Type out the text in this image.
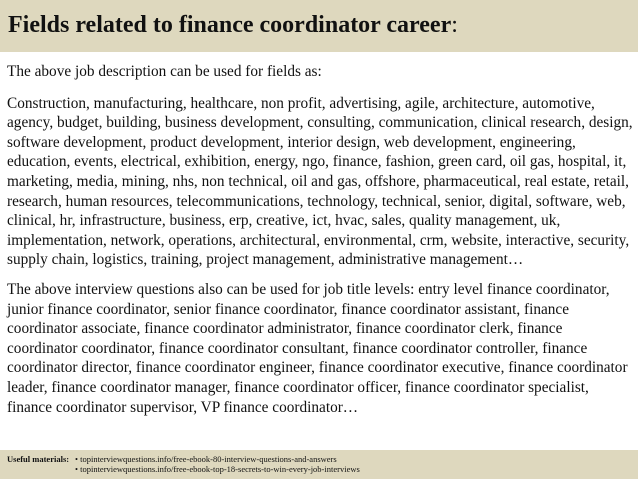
Fields related to finance coordinator career:

The above job description can be used for fields as:

Construction, manufacturing, healthcare, non profit, advertising, agile, architecture, automotive, agency, budget, building, business development, consulting, communication, clinical research, design, software development, product development, interior design, web development, engineering, education, events, electrical, exhibition, energy, ngo, finance, fashion, green card, oil gas, hospital, it, marketing, media, mining, nhs, non technical, oil and gas, offshore, pharmaceutical, real estate, retail, research, human resources, telecommunications, technology, technical, senior, digital, software, web, clinical, hr, infrastructure, business, erp, creative, ict, hvac, sales, quality management, uk, implementation, network, operations, architectural, environmental, crm, website, interactive, security, supply chain, logistics, training, project management, administrative management…

The above interview questions also can be used for job title levels: entry level finance coordinator, junior finance coordinator, senior finance coordinator, finance coordinator assistant, finance coordinator associate, finance coordinator administrator, finance coordinator clerk, finance coordinator coordinator, finance coordinator consultant, finance coordinator controller, finance coordinator director, finance coordinator engineer, finance coordinator executive, finance coordinator leader, finance coordinator manager, finance coordinator officer, finance coordinator specialist, finance coordinator supervisor, VP finance coordinator…

Useful materials: • topinterviewquestions.info/free-ebook-80-interview-questions-and-answers
• topinterviewquestions.info/free-ebook-top-18-secrets-to-win-every-job-interviews
